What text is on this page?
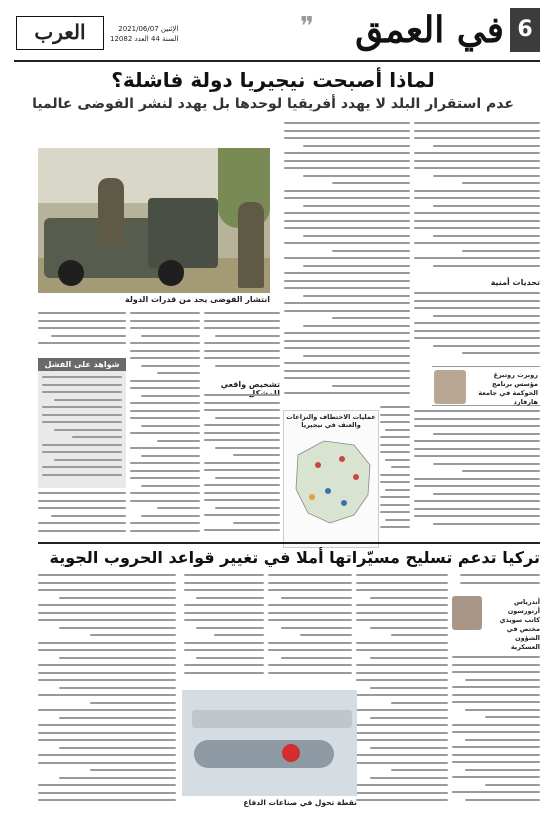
6
في العمق
❞
الإثنين 2021/06/07
السنة 44 العدد 12082
العرب
لماذا أصبحت نيجيريا دولة فاشلة؟
عدم استقرار البلد لا يهدد أفريقيا لوحدها بل يهدد لنشر الفوضى عالميا
تحديات أمنية
روبرت روتبرغ
مؤسس برنامج الحوكمة في جامعة هارفارد
انتشار الفوضى يحد من قدرات الدولة
شواهد على الفشل
تشخيص واقعي
عمليات الاختطاف والنزاعات والعنف في نيجيريا
تركيا تدعم تسليح مسيّراتها أملا في تغيير قواعد الحروب الجوية
أندرياس أرتورسون
كاتب سويدي مختص في الشؤون العسكرية
نقطة تحول في صناعات الدفاع
